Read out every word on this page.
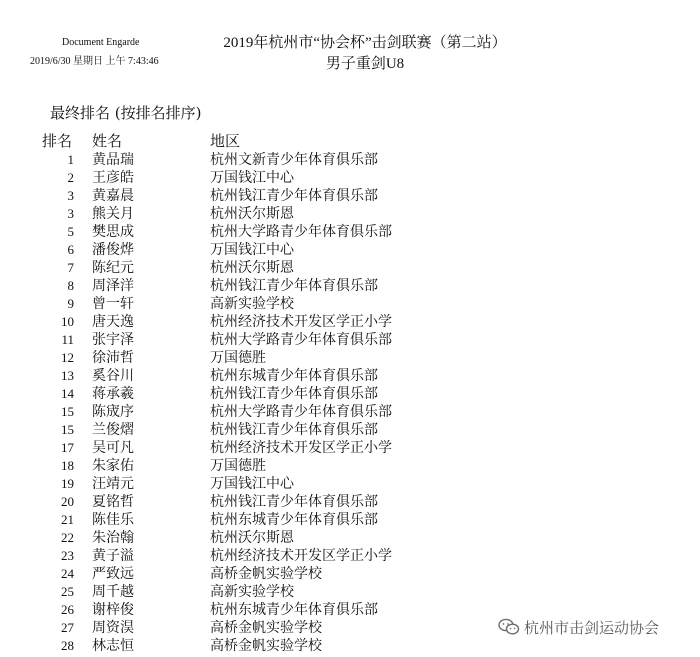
Document Engarde
2019/6/30 星期日 上午 7:43:46
2019年杭州市“协会杯”击剑联赛（第二站）
男子重剑U8
最终排名 (按排名排序)
排名 姓名	地区
1 黄品瑞	杭州文新青少年体育俱乐部
2 王彦皓	万国钱江中心
3 黄嘉晨	杭州钱江青少年体育俱乐部
3 熊关月	杭州沃尔斯恩
5 樊思成	杭州大学路青少年体育俱乐部
6 潘俊烨	万国钱江中心
7 陈纪元	杭州沃尔斯恩
8 周泽洋	杭州钱江青少年体育俱乐部
9 曾一轩	高新实验学校
10 唐天逸	杭州经济技术开发区学正小学
11 张宇泽	杭州大学路青少年体育俱乐部
12 徐沛哲	万国德胜
13 奚谷川	杭州东城青少年体育俱乐部
14 蒋承羲	杭州钱江青少年体育俱乐部
15 陈宬序	杭州大学路青少年体育俱乐部
15 兰俊熠	杭州钱江青少年体育俱乐部
17 吴可凡	杭州经济技术开发区学正小学
18 朱家佑	万国德胜
19 汪靖元	万国钱江中心
20 夏铭哲	杭州钱江青少年体育俱乐部
21 陈佳乐	杭州东城青少年体育俱乐部
22 朱治翰	杭州沃尔斯恩
23 黄子溢	杭州经济技术开发区学正小学
24 严致远	高桥金帆实验学校
25 周千越	高新实验学校
26 谢梓俊	杭州东城青少年体育俱乐部
27 周资淏	高桥金帆实验学校
28 林志恒	高桥金帆实验学校
杭州市击剑运动协会
